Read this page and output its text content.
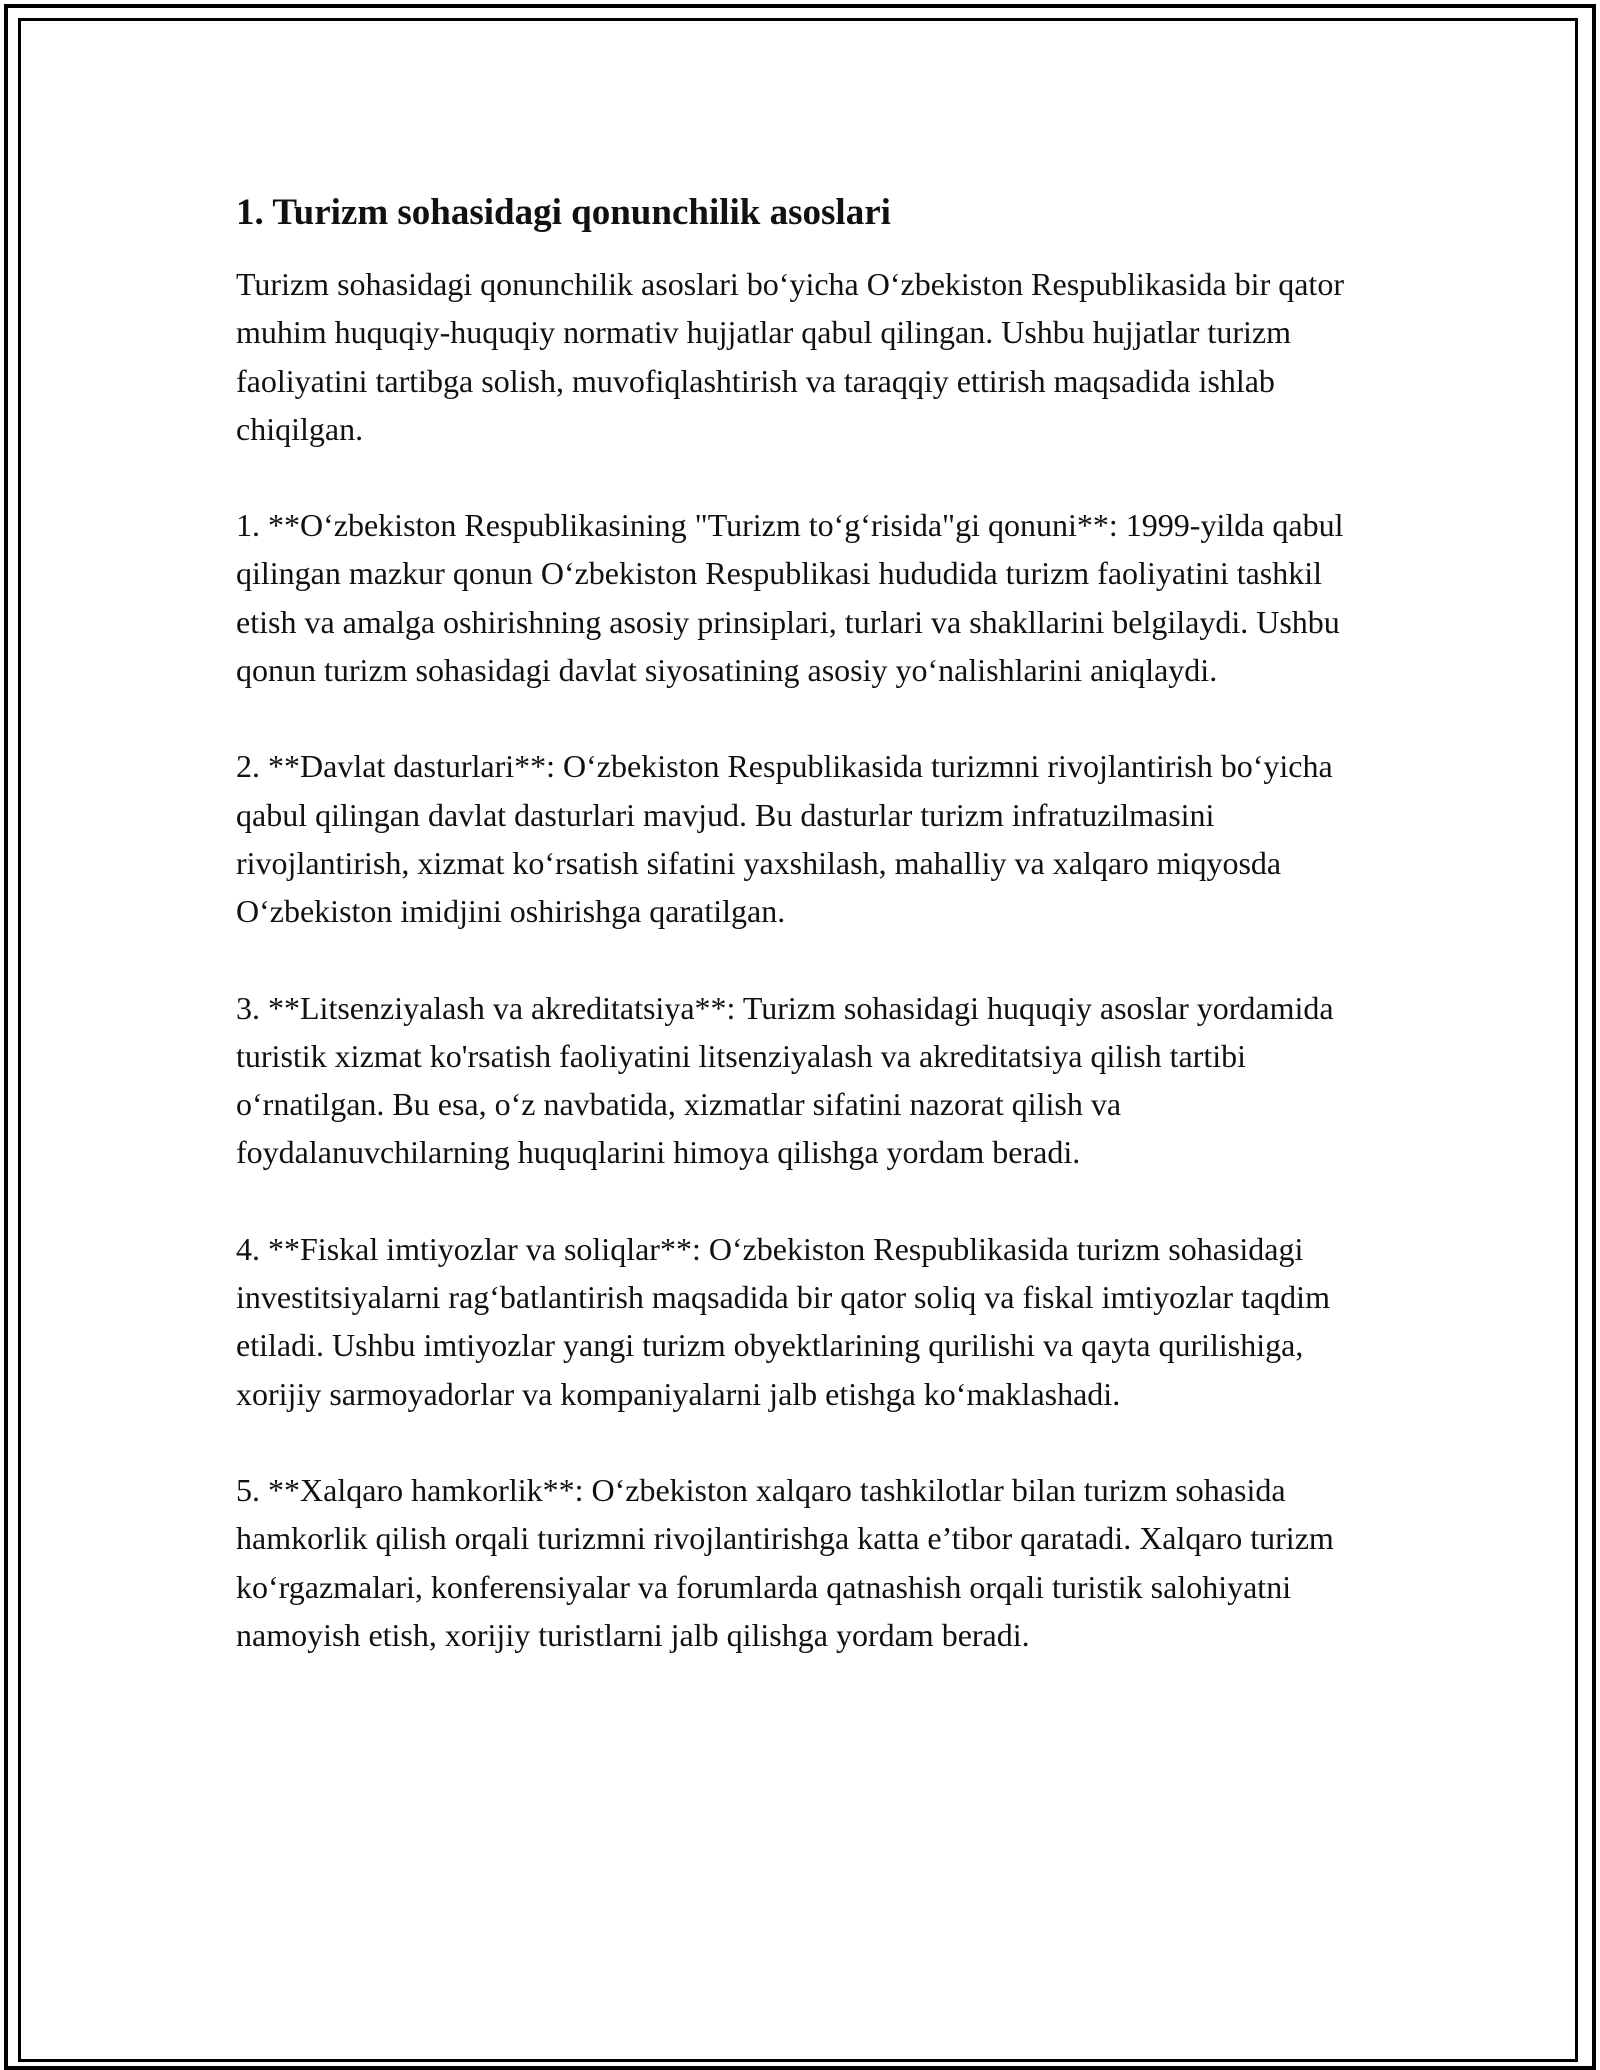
1. Turizm sohasidagi qonunchilik asoslari

Turizm sohasidagi qonunchilik asoslari bo‘yicha O‘zbekiston Respublikasida bir qator muhim huquqiy-huquqiy normativ hujjatlar qabul qilingan. Ushbu hujjatlar turizm faoliyatini tartibga solish, muvofiqlashtirish va taraqqiy ettirish maqsadida ishlab chiqilgan.

1. **O‘zbekiston Respublikasining "Turizm to‘g‘risida"gi qonuni**: 1999-yilda qabul qilingan mazkur qonun O‘zbekiston Respublikasi hududida turizm faoliyatini tashkil etish va amalga oshirishning asosiy prinsiplari, turlari va shakllarini belgilaydi. Ushbu qonun turizm sohasidagi davlat siyosatining asosiy yo‘nalishlarini aniqlaydi.

2. **Davlat dasturlari**: O‘zbekiston Respublikasida turizmni rivojlantirish bo‘yicha qabul qilingan davlat dasturlari mavjud. Bu dasturlar turizm infratuzilmasini rivojlantirish, xizmat ko‘rsatish sifatini yaxshilash, mahalliy va xalqaro miqyosda O‘zbekiston imidjini oshirishga qaratilgan.

3. **Litsenziyalash va akreditatsiya**: Turizm sohasidagi huquqiy asoslar yordamida turistik xizmat ko'rsatish faoliyatini litsenziyalash va akreditatsiya qilish tartibi o‘rnatilgan. Bu esa, o‘z navbatida, xizmatlar sifatini nazorat qilish va foydalanuvchilarning huquqlarini himoya qilishga yordam beradi.

4. **Fiskal imtiyozlar va soliqlar**: O‘zbekiston Respublikasida turizm sohasidagi investitsiyalarni rag‘batlantirish maqsadida bir qator soliq va fiskal imtiyozlar taqdim etiladi. Ushbu imtiyozlar yangi turizm obyektlarining qurilishi va qayta qurilishiga, xorijiy sarmoyadorlar va kompaniyalarni jalb etishga ko‘maklashadi.

5. **Xalqaro hamkorlik**: O‘zbekiston xalqaro tashkilotlar bilan turizm sohasida hamkorlik qilish orqali turizmni rivojlantirishga katta e’tibor qaratadi. Xalqaro turizm ko‘rgazmalari, konferensiyalar va forumlarda qatnashish orqali turistik salohiyatni namoyish etish, xorijiy turistlarni jalb qilishga yordam beradi.
